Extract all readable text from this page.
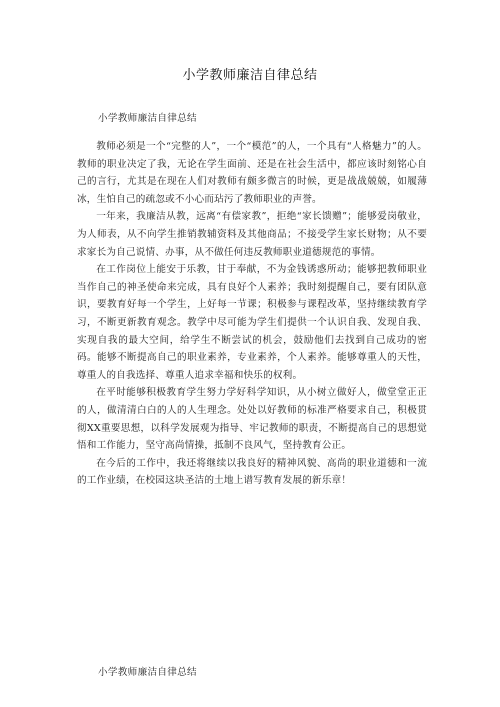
小学教师廉洁自律总结
小学教师廉洁自律总结

教师必须是一个“完整的人”，一个“模范”的人，一个具有“人格魅力”的人。教师的职业决定了我，无论在学生面前、还是在社会生活中，都应该时刻铭心自己的言行，尤其是在现在人们对教师有颇多微言的时候，更是战战兢兢，如履薄冰，生怕自己的疏忽或不小心而玷污了教师职业的声誉。

一年来，我廉洁从教，远离“有偿家教”，拒绝“家长馈赠”；能够爱岗敬业，为人师表，从不向学生推销教辅资料及其他商品；不接受学生家长财物；从不要求家长为自己说情、办事，从不做任何违反教师职业道德规范的事情。

在工作岗位上能安于乐教，甘于奉献，不为金钱诱惑所动；能够把教师职业当作自己的神圣使命来完成，具有良好个人素养；我时刻提醒自己，要有团队意识，要教育好每一个学生，上好每一节课；积极参与课程改革，坚持继续教育学习，不断更新教育观念。教学中尽可能为学生们提供一个认识自我、发现自我、实现自我的最大空间，给学生不断尝试的机会，鼓励他们去找到自己成功的密码。能够不断提高自己的职业素养，专业素养，个人素养。能够尊重人的天性，尊重人的自我选择、尊重人追求幸福和快乐的权利。

在平时能够积极教育学生努力学好科学知识，从小树立做好人，做堂堂正正的人，做清清白白的人的人生理念。处处以好教师的标准严格要求自己，积极贯彻XX重要思想，以科学发展观为指导、牢记教师的职责，不断提高自己的思想觉悟和工作能力，坚守高尚情操，抵制不良风气，坚持教育公正。

在今后的工作中，我还将继续以我良好的精神风貌、高尚的职业道德和一流的工作业绩，在校园这块圣洁的土地上谱写教育发展的新乐章！

小学教师廉洁自律总结
